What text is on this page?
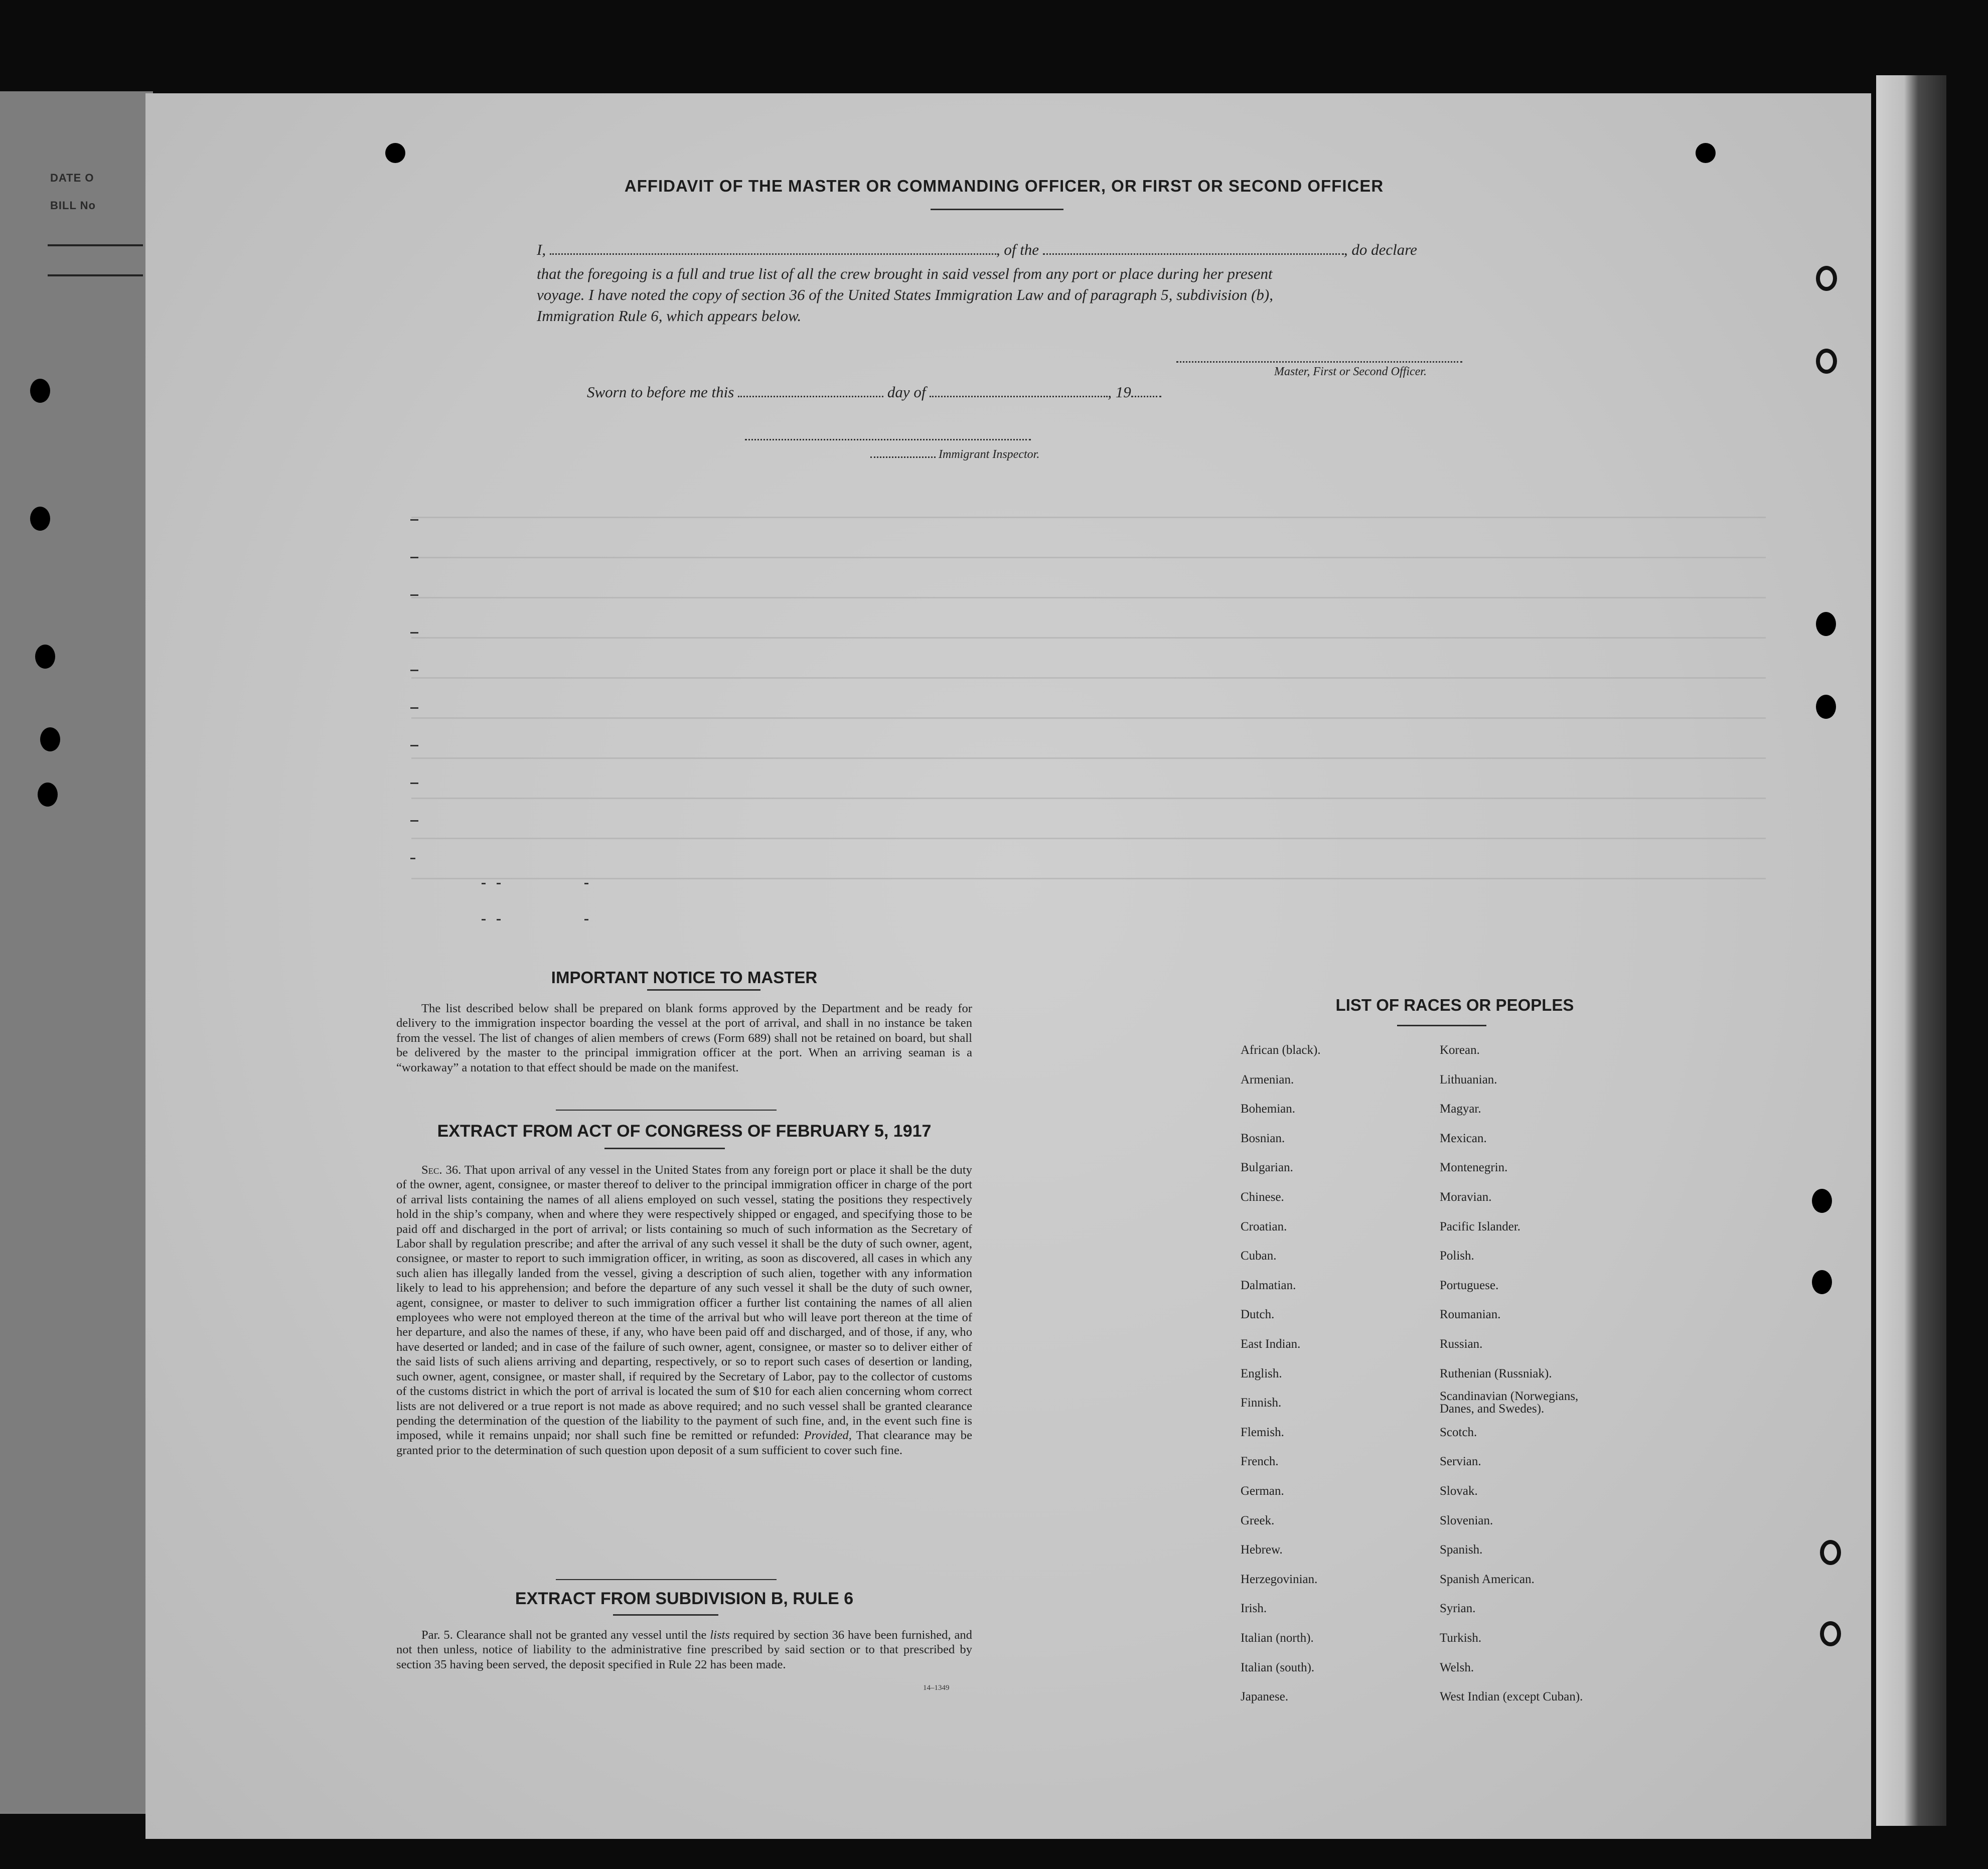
DATE O
BILL No
AFFIDAVIT OF THE MASTER OR COMMANDING OFFICER, OR FIRST OR SECOND OFFICER
I,	, of the	, do declare
that the foregoing is a full and true list of all the crew brought in said vessel from any port or place during her present
voyage. I have noted the copy of section 36 of the United States Immigration Law and of paragraph 5, subdivision (b),
Immigration Rule 6, which appears below.
Master, First or Second Officer.
Sworn to before me this	day of	, 19
Immigrant Inspector.
IMPORTANT NOTICE TO MASTER
The list described below shall be prepared on blank forms approved by the Department and be ready for delivery to the immigration inspector boarding the vessel at the port of arrival, and shall in no instance be taken from the vessel. The list of changes of alien members of crews (Form 689) shall not be retained on board, but shall be delivered by the master to the principal immigration officer at the port. When an arriving seaman is a “workaway” a notation to that effect should be made on the manifest.
EXTRACT FROM ACT OF CONGRESS OF FEBRUARY 5, 1917
Sec. 36. That upon arrival of any vessel in the United States from any foreign port or place it shall be the duty of the owner, agent, consignee, or master thereof to deliver to the principal immigration officer in charge of the port of arrival lists containing the names of all aliens employed on such vessel, stating the positions they respectively hold in the ship’s company, when and where they were respectively shipped or engaged, and specifying those to be paid off and discharged in the port of arrival; or lists containing so much of such information as the Secretary of Labor shall by regulation prescribe; and after the arrival of any such vessel it shall be the duty of such owner, agent, consignee, or master to report to such immigration officer, in writing, as soon as discovered, all cases in which any such alien has illegally landed from the vessel, giving a description of such alien, together with any information likely to lead to his apprehension; and before the departure of any such vessel it shall be the duty of such owner, agent, consignee, or master to deliver to such immigration officer a further list containing the names of all alien employees who were not employed thereon at the time of the arrival but who will leave port thereon at the time of her departure, and also the names of these, if any, who have been paid off and discharged, and of those, if any, who have deserted or landed; and in case of the failure of such owner, agent, consignee, or master so to deliver either of the said lists of such aliens arriving and departing, respectively, or so to report such cases of desertion or landing, such owner, agent, consignee, or master shall, if required by the Secretary of Labor, pay to the collector of customs of the customs district in which the port of arrival is located the sum of $10 for each alien concerning whom correct lists are not delivered or a true report is not made as above required; and no such vessel shall be granted clearance pending the determination of the question of the liability to the payment of such fine, and, in the event such fine is imposed, while it remains unpaid; nor shall such fine be remitted or refunded: Provided, That clearance may be granted prior to the determination of such question upon deposit of a sum sufficient to cover such fine.
EXTRACT FROM SUBDIVISION B, RULE 6
Par. 5. Clearance shall not be granted any vessel until the lists required by section 36 have been furnished, and not then unless, notice of liability to the administrative fine prescribed by said section or to that prescribed by section 35 having been served, the deposit specified in Rule 22 has been made.
14–1349
LIST OF RACES OR PEOPLES
African (black).
Armenian.
Bohemian.
Bosnian.
Bulgarian.
Chinese.
Croatian.
Cuban.
Dalmatian.
Dutch.
East Indian.
English.
Finnish.
Flemish.
French.
German.
Greek.
Hebrew.
Herzegovinian.
Irish.
Italian (north).
Italian (south).
Japanese.
Korean.
Lithuanian.
Magyar.
Mexican.
Montenegrin.
Moravian.
Pacific Islander.
Polish.
Portuguese.
Roumanian.
Russian.
Ruthenian (Russniak).
Scandinavian (Norwegians, Danes, and Swedes).
Scotch.
Servian.
Slovak.
Slovenian.
Spanish.
Spanish American.
Syrian.
Turkish.
Welsh.
West Indian (except Cuban).
